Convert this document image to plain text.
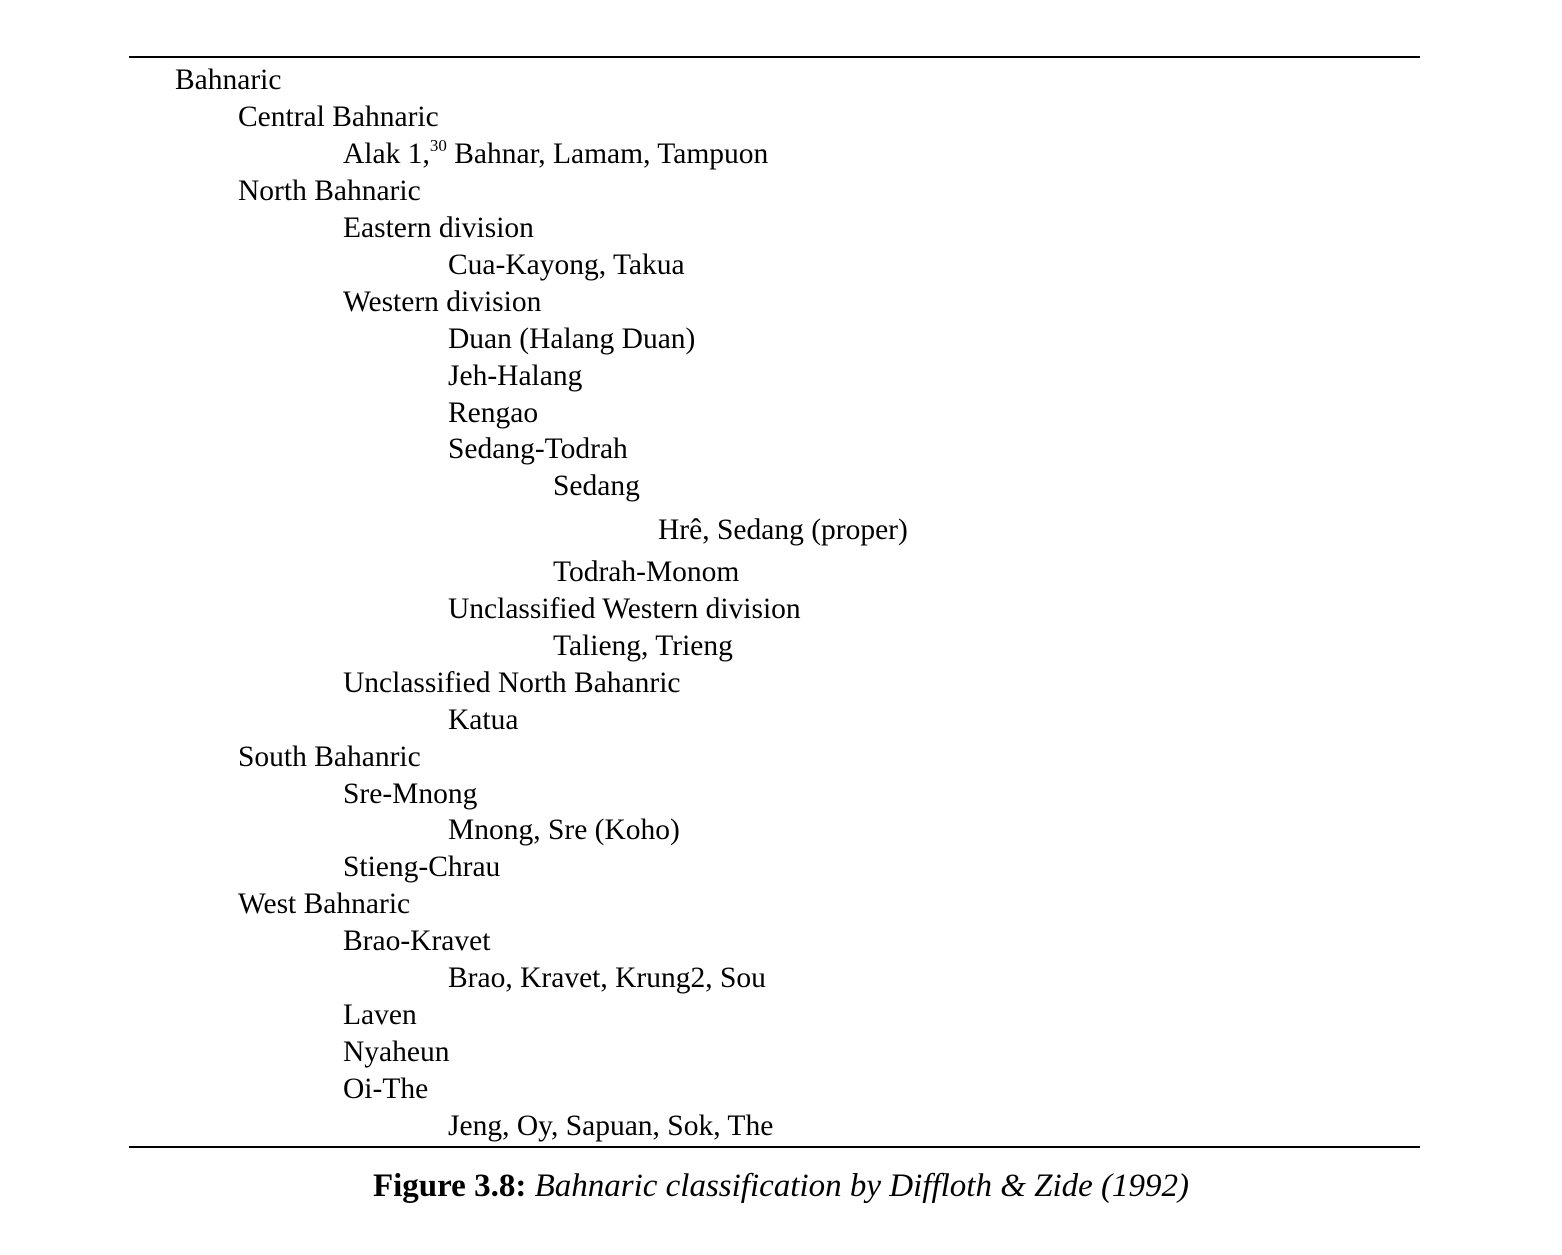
Bahnaric
Central Bahnaric
Alak 1,30 Bahnar, Lamam, Tampuon
North Bahnaric
Eastern division
Cua-Kayong, Takua
Western division
Duan (Halang Duan)
Jeh-Halang
Rengao
Sedang-Todrah
Sedang
Hrê, Sedang (proper)
Todrah-Monom
Unclassified Western division
Talieng, Trieng
Unclassified North Bahanric
Katua
South Bahanric
Sre-Mnong
Mnong, Sre (Koho)
Stieng-Chrau
West Bahnaric
Brao-Kravet
Brao, Kravet, Krung2, Sou
Laven
Nyaheun
Oi-The
Jeng, Oy, Sapuan, Sok, The
Figure 3.8: Bahnaric classification by Diffloth & Zide (1992)
